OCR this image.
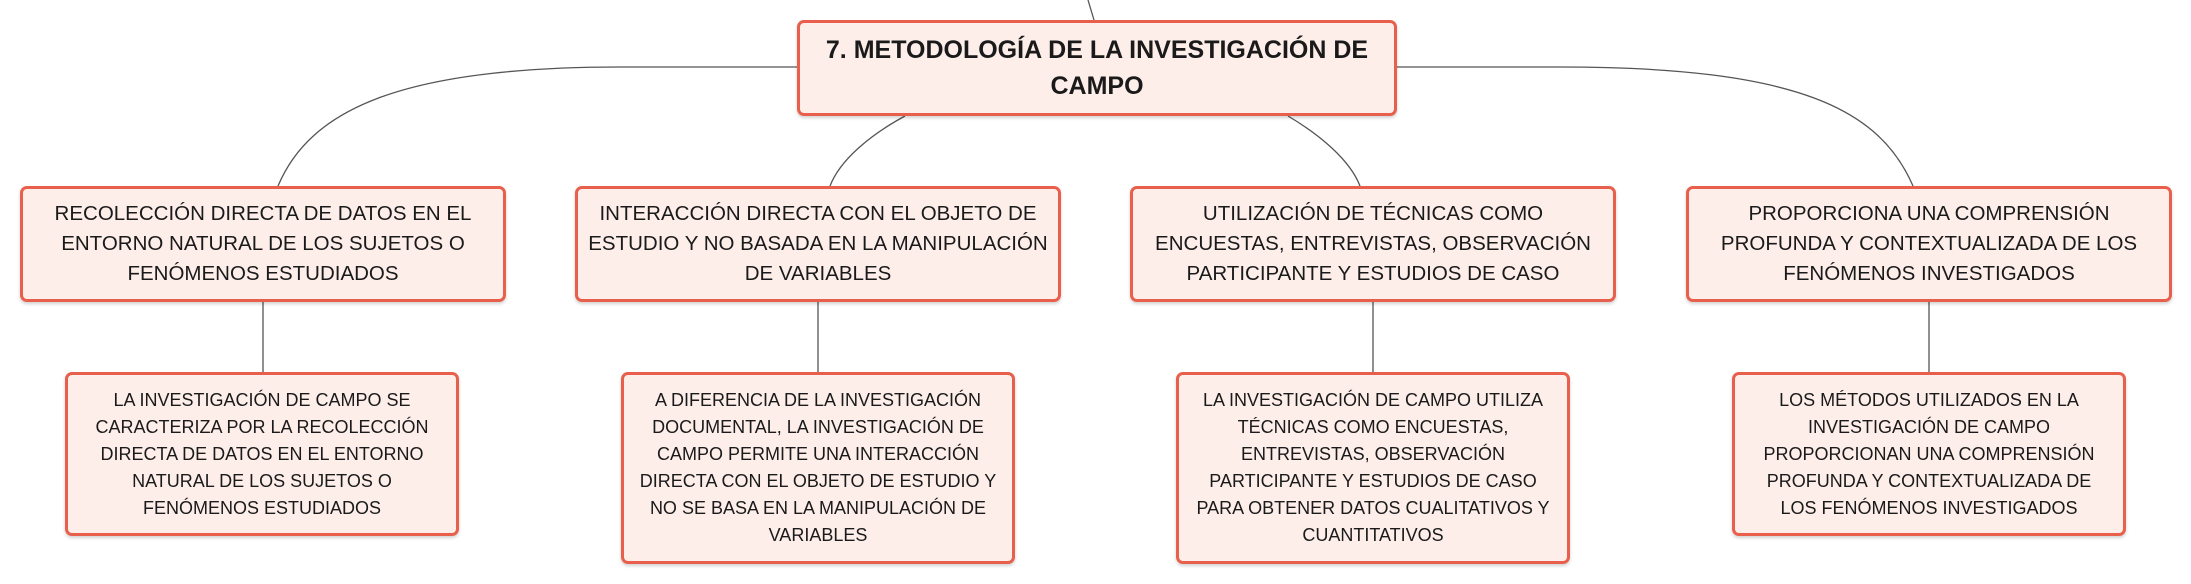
7. METODOLOGÍA DE LA INVESTIGACIÓN DE CAMPO
RECOLECCIÓN DIRECTA DE DATOS EN EL ENTORNO NATURAL DE LOS SUJETOS O FENÓMENOS ESTUDIADOS
INTERACCIÓN DIRECTA CON EL OBJETO DE ESTUDIO Y NO BASADA EN LA MANIPULACIÓN DE VARIABLES
UTILIZACIÓN DE TÉCNICAS COMO ENCUESTAS, ENTREVISTAS, OBSERVACIÓN PARTICIPANTE Y ESTUDIOS DE CASO
PROPORCIONA UNA COMPRENSIÓN PROFUNDA Y CONTEXTUALIZADA DE LOS FENÓMENOS INVESTIGADOS
LA INVESTIGACIÓN DE CAMPO SE CARACTERIZA POR LA RECOLECCIÓN DIRECTA DE DATOS EN EL ENTORNO NATURAL DE LOS SUJETOS O FENÓMENOS ESTUDIADOS
A DIFERENCIA DE LA INVESTIGACIÓN DOCUMENTAL, LA INVESTIGACIÓN DE CAMPO PERMITE UNA INTERACCIÓN DIRECTA CON EL OBJETO DE ESTUDIO Y NO SE BASA EN LA MANIPULACIÓN DE VARIABLES
LA INVESTIGACIÓN DE CAMPO UTILIZA TÉCNICAS COMO ENCUESTAS, ENTREVISTAS, OBSERVACIÓN PARTICIPANTE Y ESTUDIOS DE CASO PARA OBTENER DATOS CUALITATIVOS Y CUANTITATIVOS
LOS MÉTODOS UTILIZADOS EN LA INVESTIGACIÓN DE CAMPO PROPORCIONAN UNA COMPRENSIÓN PROFUNDA Y CONTEXTUALIZADA DE LOS FENÓMENOS INVESTIGADOS
